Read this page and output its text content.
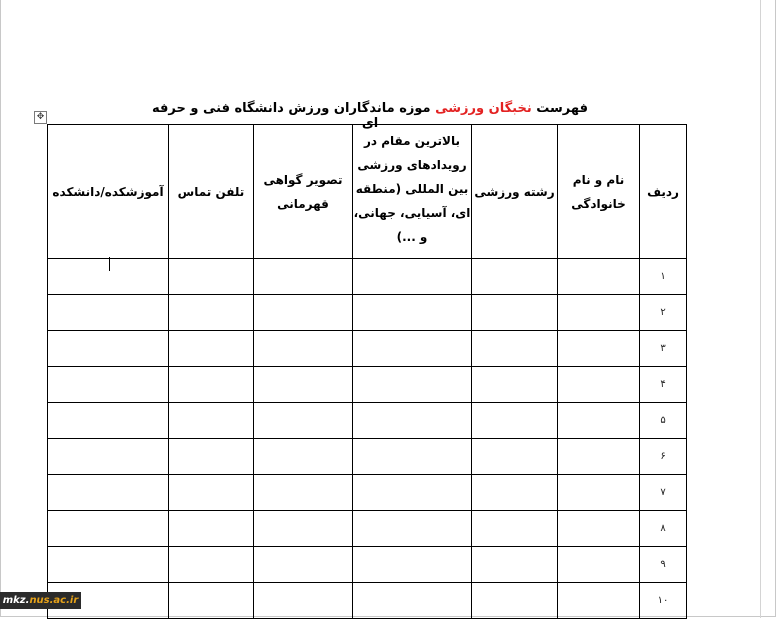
فهرست نخبگان ورزشی موزه ماندگاران ورزش دانشگاه فنی و حرفه ای
✥
آموزشکده/دانشکده	تلفن تماس	تصویر گواهی قهرمانی	بالاترین مقام در رویدادهای ورزشی بین المللی (منطقه ای، آسیایی، جهانی، و ...)	رشته ورزشی	نام و نام خانوادگی	ردیف
						۱
						۲
						۳
						۴
						۵
						۶
						۷
						۸
						۹
						۱۰
mkz.nus.ac.ir
